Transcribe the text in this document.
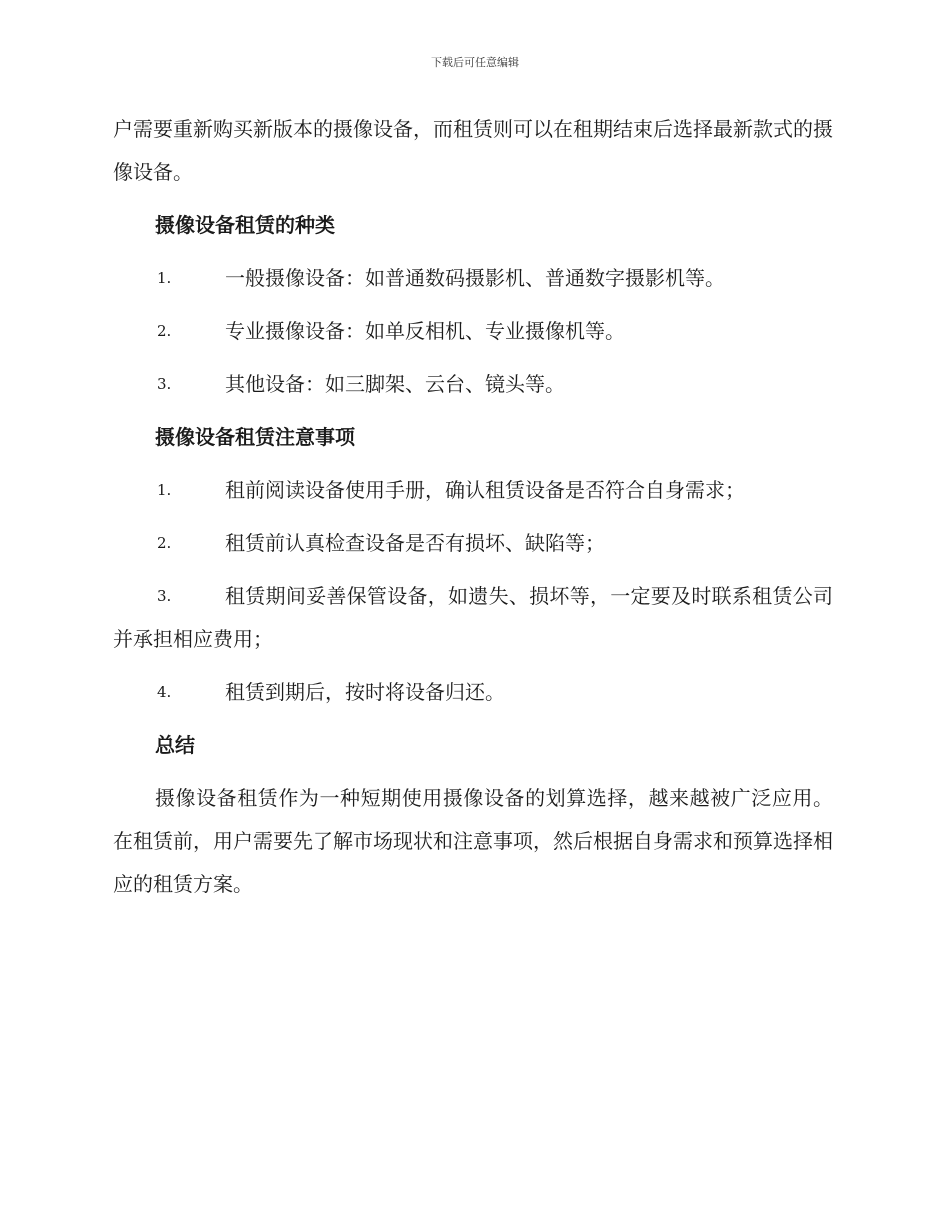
下载后可任意编辑

户需要重新购买新版本的摄像设备，而租赁则可以在租期结束后选择最新款式的摄像设备。

摄像设备租赁的种类
1.	一般摄像设备：如普通数码摄影机、普通数字摄影机等。
2.	专业摄像设备：如单反相机、专业摄像机等。
3.	其他设备：如三脚架、云台、镜头等。
摄像设备租赁注意事项
1.	租前阅读设备使用手册，确认租赁设备是否符合自身需求；
2.	租赁前认真检查设备是否有损坏、缺陷等；
3.	租赁期间妥善保管设备，如遗失、损坏等，一定要及时联系租赁公司并承担相应费用；
4.	租赁到期后，按时将设备归还。
总结

摄像设备租赁作为一种短期使用摄像设备的划算选择，越来越被广泛应用。在租赁前，用户需要先了解市场现状和注意事项，然后根据自身需求和预算选择相应的租赁方案。
